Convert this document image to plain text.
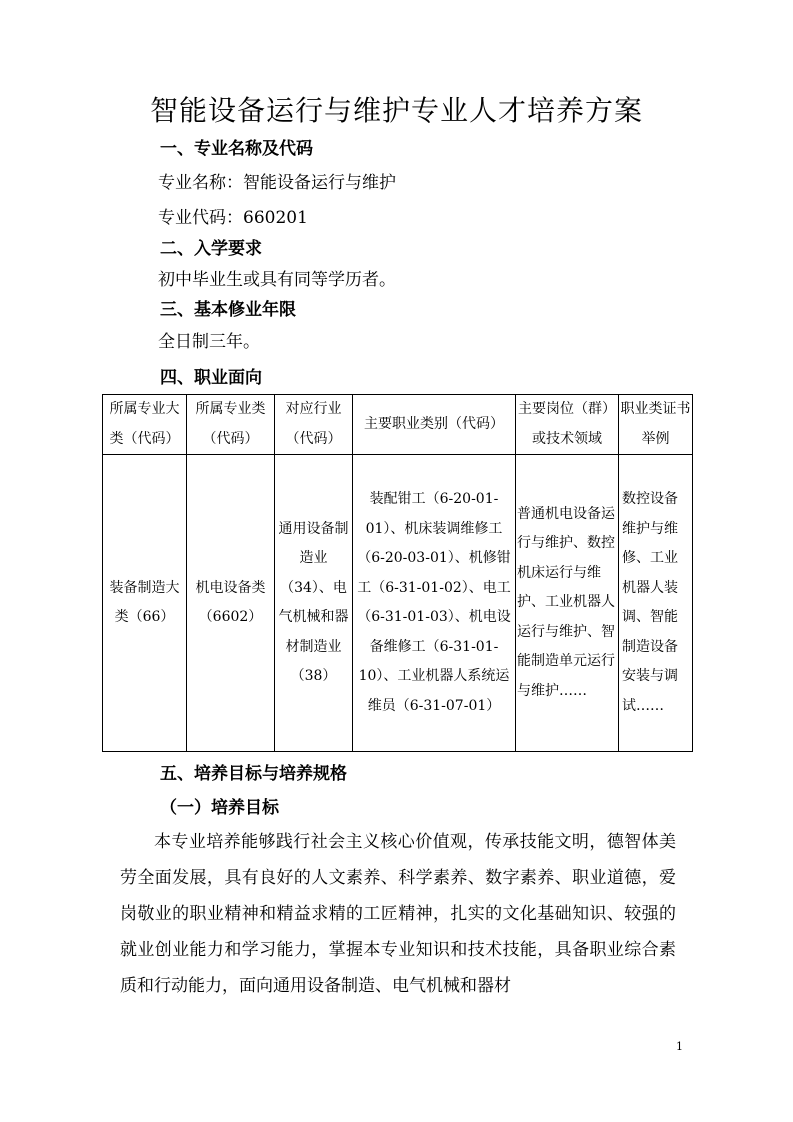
智能设备运行与维护专业人才培养方案
一、专业名称及代码
专业名称：智能设备运行与维护
专业代码：660201
二、入学要求
初中毕业生或具有同等学历者。
三、基本修业年限
全日制三年。
四、职业面向
所属专业大类（代码）	所属专业类（代码）	对应行业（代码）	主要职业类别（代码）	主要岗位（群）或技术领域	职业类证书举例

装备制造大类（66）	机电设备类（6602）	通用设备制造业（34）、电气机械和器材制造业（38）	装配钳工（6-20-01-01）、机床装调维修工（6-20-03-01）、机修钳工（6-31-01-02）、电工（6-31-01-03）、机电设备维修工（6-31-01-10）、工业机器人系统运维员（6-31-07-01）	普通机电设备运行与维护、数控机床运行与维护、工业机器人运行与维护、智能制造单元运行与维护……	数控设备维护与维修、工业机器人装调、智能制造设备安装与调试……
五、培养目标与培养规格
（一）培养目标
本专业培养能够践行社会主义核心价值观，传承技能文明，德智体美劳全面发展，具有良好的人文素养、科学素养、数字素养、职业道德，爱岗敬业的职业精神和精益求精的工匠精神，扎实的文化基础知识、较强的就业创业能力和学习能力，掌握本专业知识和技术技能，具备职业综合素质和行动能力，面向通用设备制造、电气机械和器材
1
